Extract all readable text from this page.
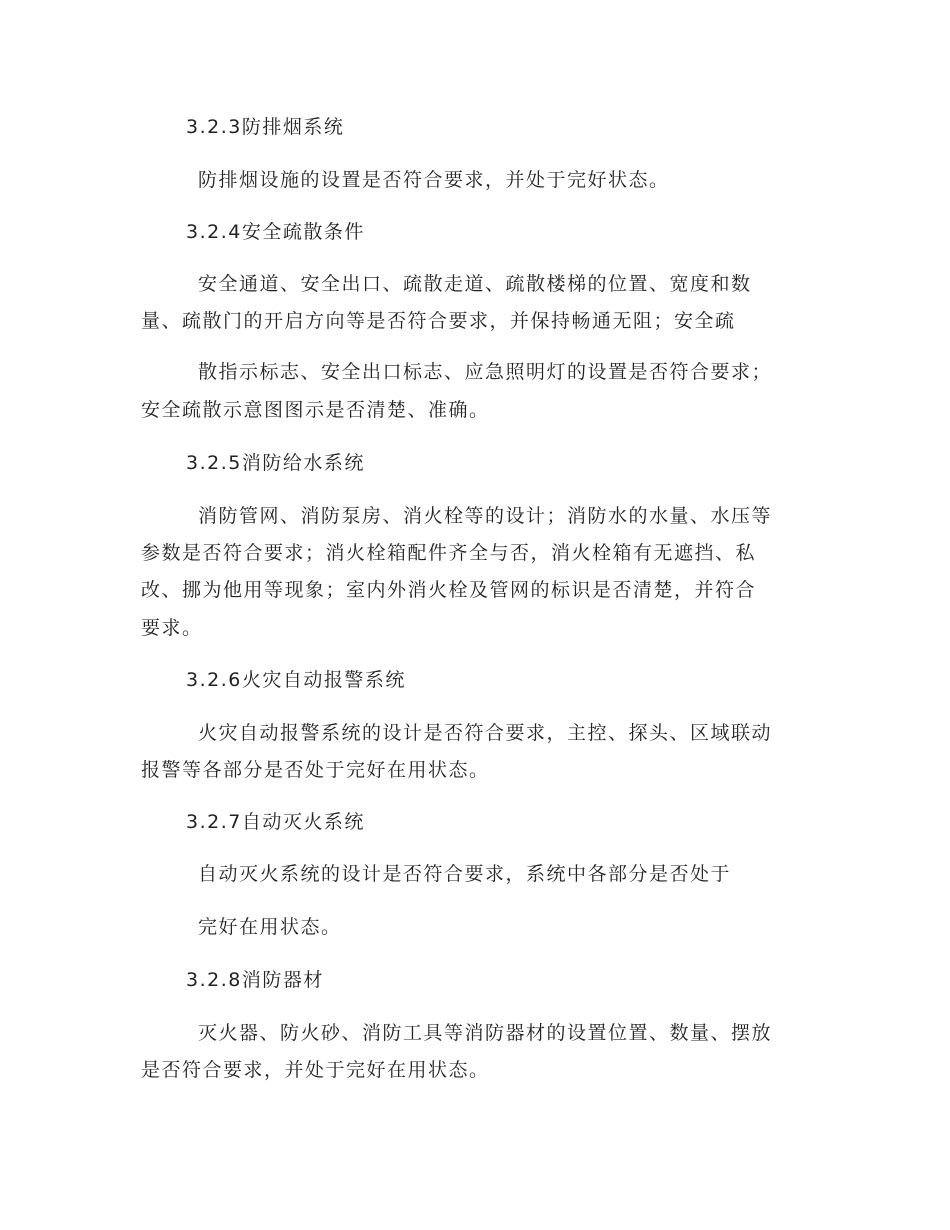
3.2.3防排烟系统
防排烟设施的设置是否符合要求，并处于完好状态。
3.2.4安全疏散条件
安全通道、安全出口、疏散走道、疏散楼梯的位置、宽度和数
量、疏散门的开启方向等是否符合要求，并保持畅通无阻；安全疏
散指示标志、安全出口标志、应急照明灯的设置是否符合要求；
安全疏散示意图图示是否清楚、准确。
3.2.5消防给水系统
消防管网、消防泵房、消火栓等的设计；消防水的水量、水压等
参数是否符合要求；消火栓箱配件齐全与否，消火栓箱有无遮挡、私
改、挪为他用等现象；室内外消火栓及管网的标识是否清楚，并符合
要求。
3.2.6火灾自动报警系统
火灾自动报警系统的设计是否符合要求，主控、探头、区域联动
报警等各部分是否处于完好在用状态。
3.2.7自动灭火系统
自动灭火系统的设计是否符合要求，系统中各部分是否处于
完好在用状态。
3.2.8消防器材
灭火器、防火砂、消防工具等消防器材的设置位置、数量、摆放
是否符合要求，并处于完好在用状态。
